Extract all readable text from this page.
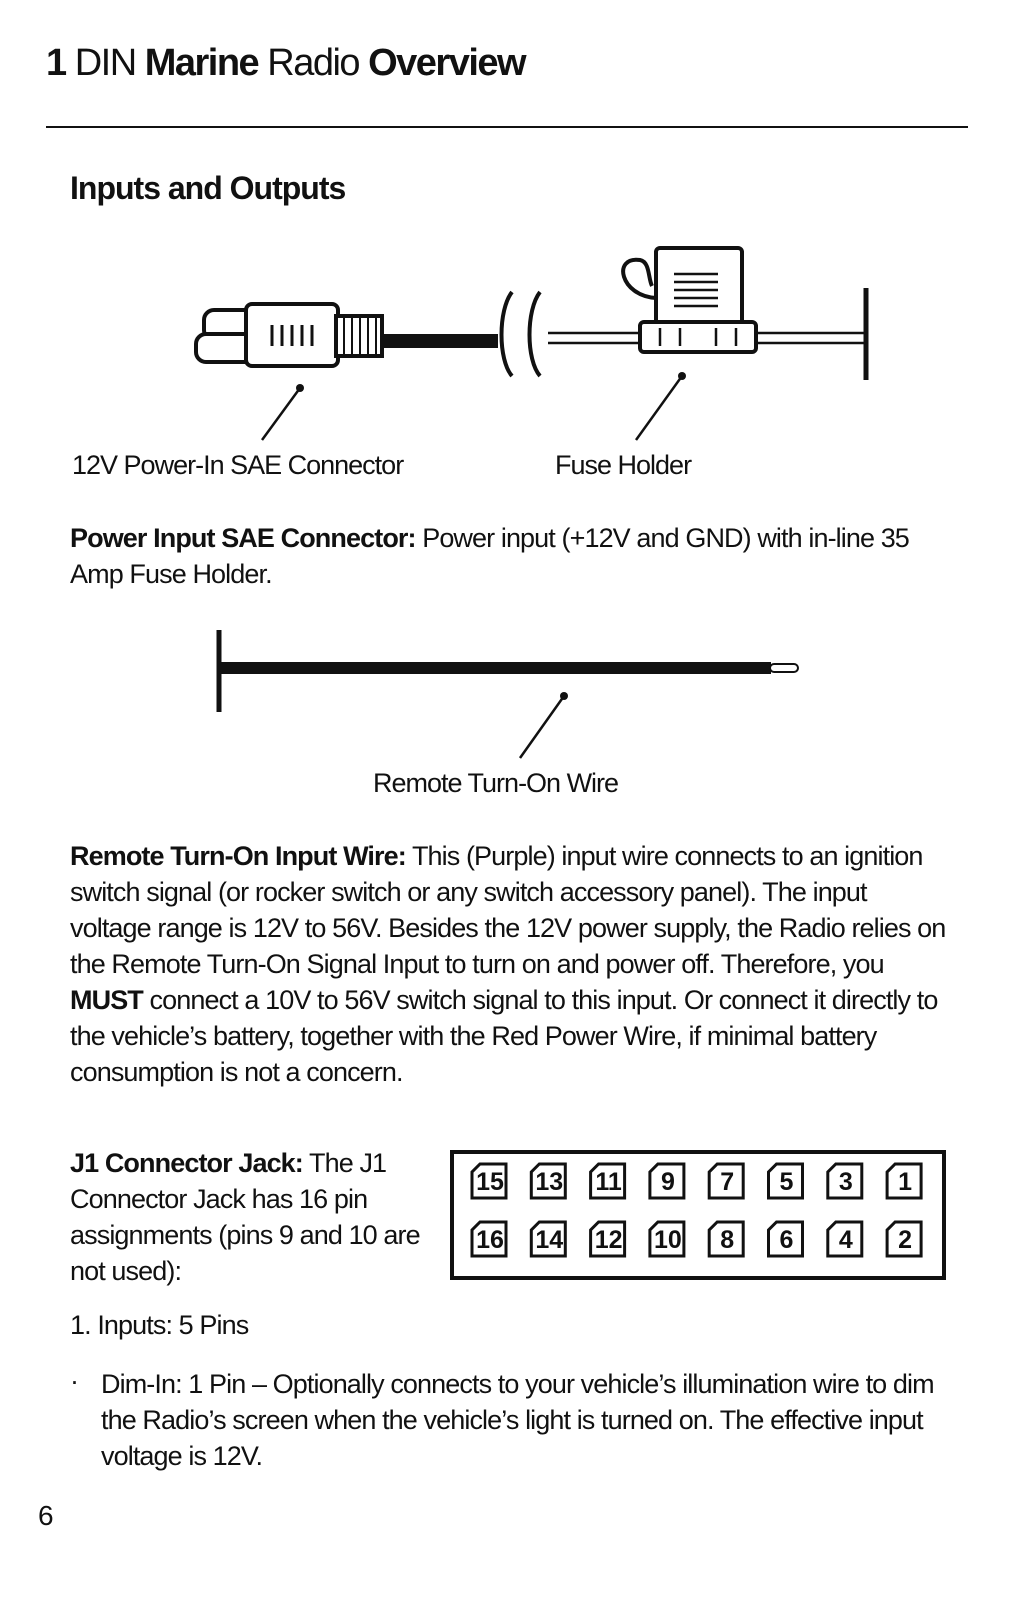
1 DIN Marine Radio Overview
Inputs and Outputs
12V Power-In SAE Connector	Fuse Holder
Power Input SAE Connector: Power input (+12V and GND) with in-line 35 Amp Fuse Holder.
Remote Turn-On Wire
Remote Turn-On Input Wire: This (Purple) input wire connects to an ignition switch signal (or rocker switch or any switch accessory panel). The input voltage range is 12V to 56V. Besides the 12V power supply, the Radio relies on the Remote Turn-On Signal Input to turn on and power off. Therefore, you MUST connect a 10V to 56V switch signal to this input. Or connect it directly to the vehicle’s battery, together with the Red Power Wire, if minimal battery consumption is not a concern.
J1 Connector Jack: The J1 Connector Jack has 16 pin assignments (pins 9 and 10 are not used):
15 13 11 9 7 5 3 1
16 14 12 10 8 6 4 2
1. Inputs: 5 Pins
· Dim-In: 1 Pin – Optionally connects to your vehicle’s illumination wire to dim the Radio’s screen when the vehicle’s light is turned on. The effective input voltage is 12V.
6
